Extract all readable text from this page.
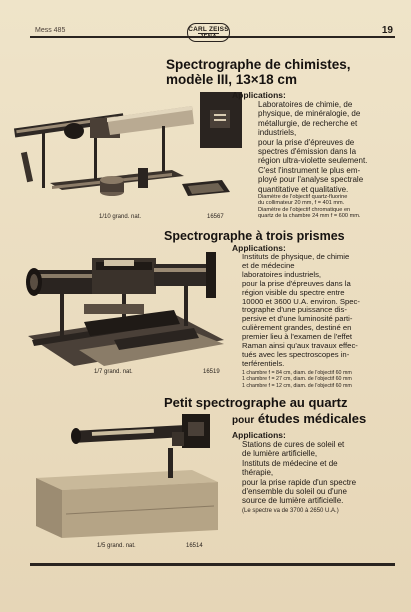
Mess 485	CARL ZEISS	19
Spectrographe de chimistes,
modèle III, 13×18 cm
1/10 grand. nat.	16567
Applications:
Laboratoires de chimie, de
physique, de minéralogie, de
métallurgie, de recherche et
industriels,
pour la prise d'épreuves de
spectres d'émission dans la
région ultra-violette seulement.
C'est l'instrument le plus em-
ployé pour l'analyse spectrale
quantitative et qualitative.
Diamètre de l'objectif quartz-fluorine
du collimateur 20 mm, f = 401 mm.
Diamètre de l'objectif chromatique en
quartz de la chambre 24 mm f = 600 mm.
Spectrographe à trois prismes
1/7 grand. nat.	16519
Applications:
Instituts de physique, de chimie
et de médecine
laboratoires industriels,
pour la prise d'épreuves dans la
région visible du spectre entre
10000 et 3600 U.A. environ. Spec-
trographe d'une puissance dis-
persive et d'une luminosité parti-
culièrement grandes, destiné en
premier lieu à l'examen de l'effet
Raman ainsi qu'aux travaux effec-
tués avec les spectroscopes in-
terférentiels.
1 chambre f = 84 cm, diam. de l'objectif 60 mm
1 chambre f = 27 cm, diam. de l'objectif 60 mm
1 chambre f = 12 cm, diam. de l'objectif 60 mm
Petit spectrographe au quartz
pour études médicales
1/5 grand. nat.	16514
Applications:
Stations de cures de soleil et
de lumière artificielle,
Instituts de médecine et de
thérapie,
pour la prise rapide d'un spectre
d'ensemble du soleil ou d'une
source de lumière artificielle.
(Le spectre va de 3700 à 2650 U.A.)
